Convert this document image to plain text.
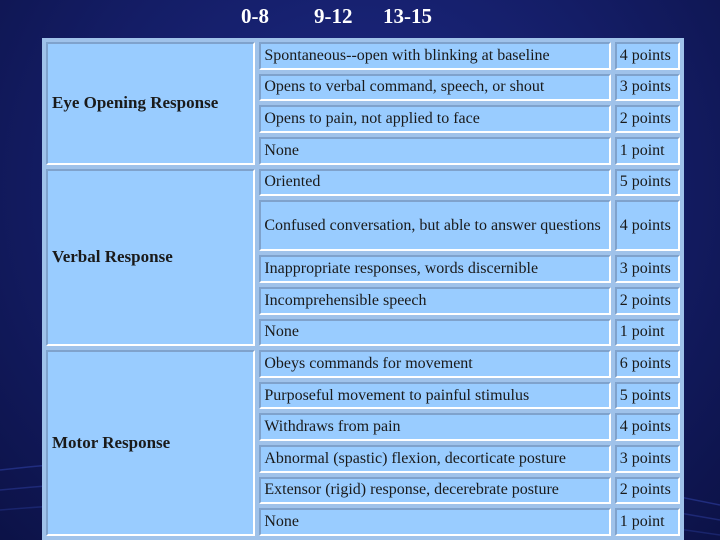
0-8 9-12 13-15
Eye Opening Response	Spontaneous--open with blinking at baseline	4 points
	Opens to verbal command, speech, or shout	3 points
	Opens to pain, not applied to face	2 points
	None	1 point
Verbal Response	Oriented	5 points
	Confused conversation, but able to answer questions	4 points
	Inappropriate responses, words discernible	3 points
	Incomprehensible speech	2 points
	None	1 point
Motor Response	Obeys commands for movement	6 points
	Purposeful movement to painful stimulus	5 points
	Withdraws from pain	4 points
	Abnormal (spastic) flexion, decorticate posture	3 points
	Extensor (rigid) response, decerebrate posture	2 points
	None	1 point
